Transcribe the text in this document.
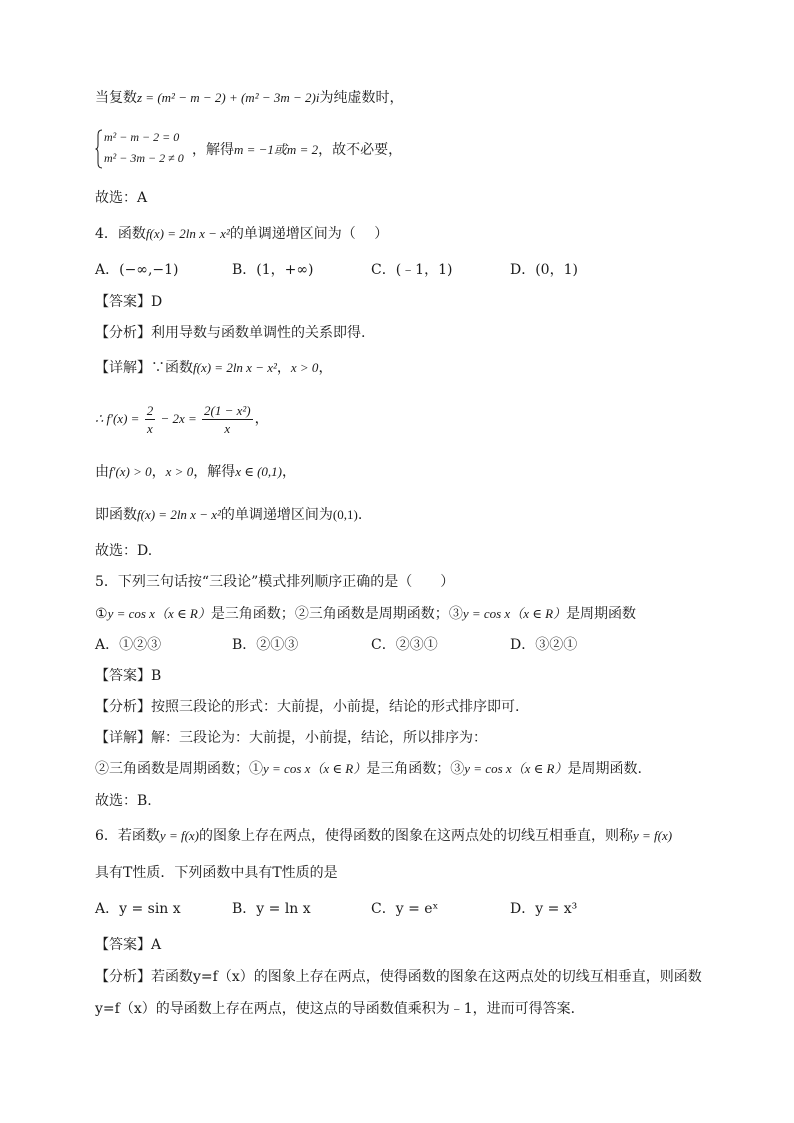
当复数z = (m² − m − 2) + (m² − 3m − 2)i为纯虚数时，
m² − m − 2 = 0
m² − 3m − 2 ≠ 0 ，解得m = −1或m = 2，故不必要，
故选：A
4．函数f(x) = 2ln x − x²的单调递增区间为（　 ）
A．(−∞,−1)	B．(1，+∞)	C．(﹣1，1)	D．(0，1)
【答案】D
【分析】利用导数与函数单调性的关系即得.
【详解】∵函数f(x) = 2ln x − x²，x > 0，
∴ $f'(x) = \frac{2}{x} - 2x = \frac{\text{2(1 − x²)}}{x}$ ，
由f′(x) > 0，x > 0，解得x ∈ (0,1)，
即函数f(x) = 2ln x − x²的单调递增区间为(0,1).
故选：D.
5．下列三句话按“三段论”模式排列顺序正确的是（　　）
①y = cos x（x ∈ R）是三角函数；②三角函数是周期函数；③y = cos x（x ∈ R）是周期函数
A．①②③	B．②①③	C．②③①	D．③②①
【答案】B
【分析】按照三段论的形式：大前提，小前提，结论的形式排序即可.
【详解】解：三段论为：大前提，小前提，结论，所以排序为：
②三角函数是周期函数；①y = cos x（x ∈ R）是三角函数；③y = cos x（x ∈ R）是周期函数.
故选：B.
6．若函数y = f(x)的图象上存在两点，使得函数的图象在这两点处的切线互相垂直，则称y = f(x)
具有T性质．下列函数中具有T性质的是
A．y = sin x	B．y = ln x	C．y = eˣ	D．y = x³
【答案】A
【分析】若函数y=f（x）的图象上存在两点，使得函数的图象在这两点处的切线互相垂直，则函数
y=f（x）的导函数上存在两点，使这点的导函数值乘积为﹣1，进而可得答案．
